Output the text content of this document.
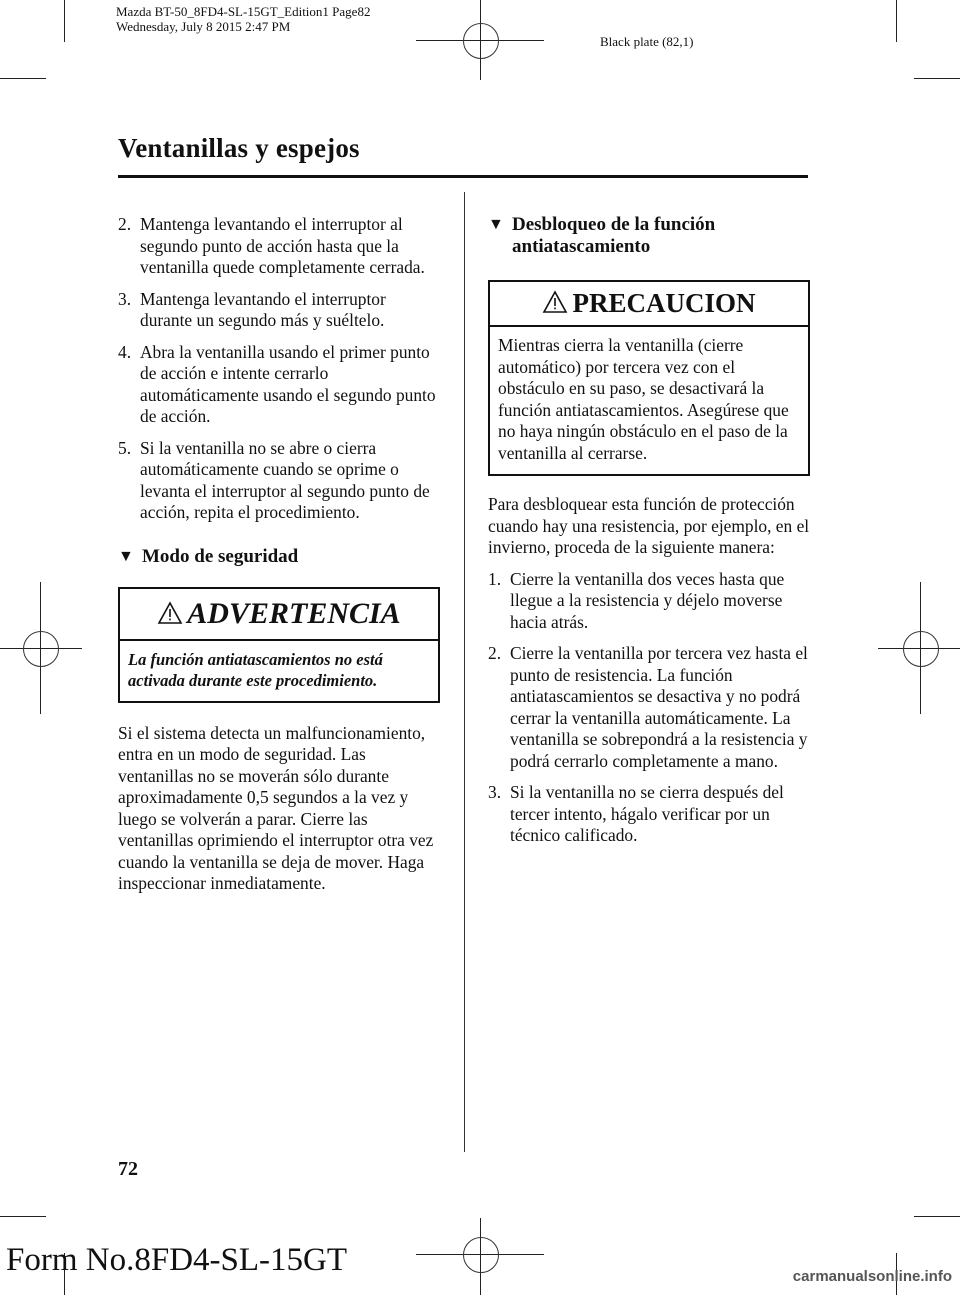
Mazda BT-50_8FD4-SL-15GT_Edition1 Page82
Wednesday, July 8 2015 2:47 PM
Black plate (82,1)
Ventanillas y espejos
2. Mantenga levantando el interruptor al segundo punto de acción hasta que la ventanilla quede completamente cerrada.
3. Mantenga levantando el interruptor durante un segundo más y suéltelo.
4. Abra la ventanilla usando el primer punto de acción e intente cerrarlo automáticamente usando el segundo punto de acción.
5. Si la ventanilla no se abre o cierra automáticamente cuando se oprime o levanta el interruptor al segundo punto de acción, repita el procedimiento.
▼ Modo de seguridad
ADVERTENCIA
La función antiatascamientos no está activada durante este procedimiento.
Si el sistema detecta un malfuncionamiento, entra en un modo de seguridad. Las ventanillas no se moverán sólo durante aproximadamente 0,5 segundos a la vez y luego se volverán a parar. Cierre las ventanillas oprimiendo el interruptor otra vez cuando la ventanilla se deja de mover. Haga inspeccionar inmediatamente.
▼ Desbloqueo de la función
antiatascamiento
PRECAUCION
Mientras cierra la ventanilla (cierre automático) por tercera vez con el obstáculo en su paso, se desactivará la función antiatascamientos. Asegúrese que no haya ningún obstáculo en el paso de la ventanilla al cerrarse.
Para desbloquear esta función de protección cuando hay una resistencia, por ejemplo, en el invierno, proceda de la siguiente manera:
1. Cierre la ventanilla dos veces hasta que llegue a la resistencia y déjelo moverse hacia atrás.
2. Cierre la ventanilla por tercera vez hasta el punto de resistencia. La función antiatascamientos se desactiva y no podrá cerrar la ventanilla automáticamente. La ventanilla se sobrepondrá a la resistencia y podrá cerrarlo completamente a mano.
3. Si la ventanilla no se cierra después del tercer intento, hágalo verificar por un técnico calificado.
72
Form No.8FD4-SL-15GT	carmanualsonline.info
